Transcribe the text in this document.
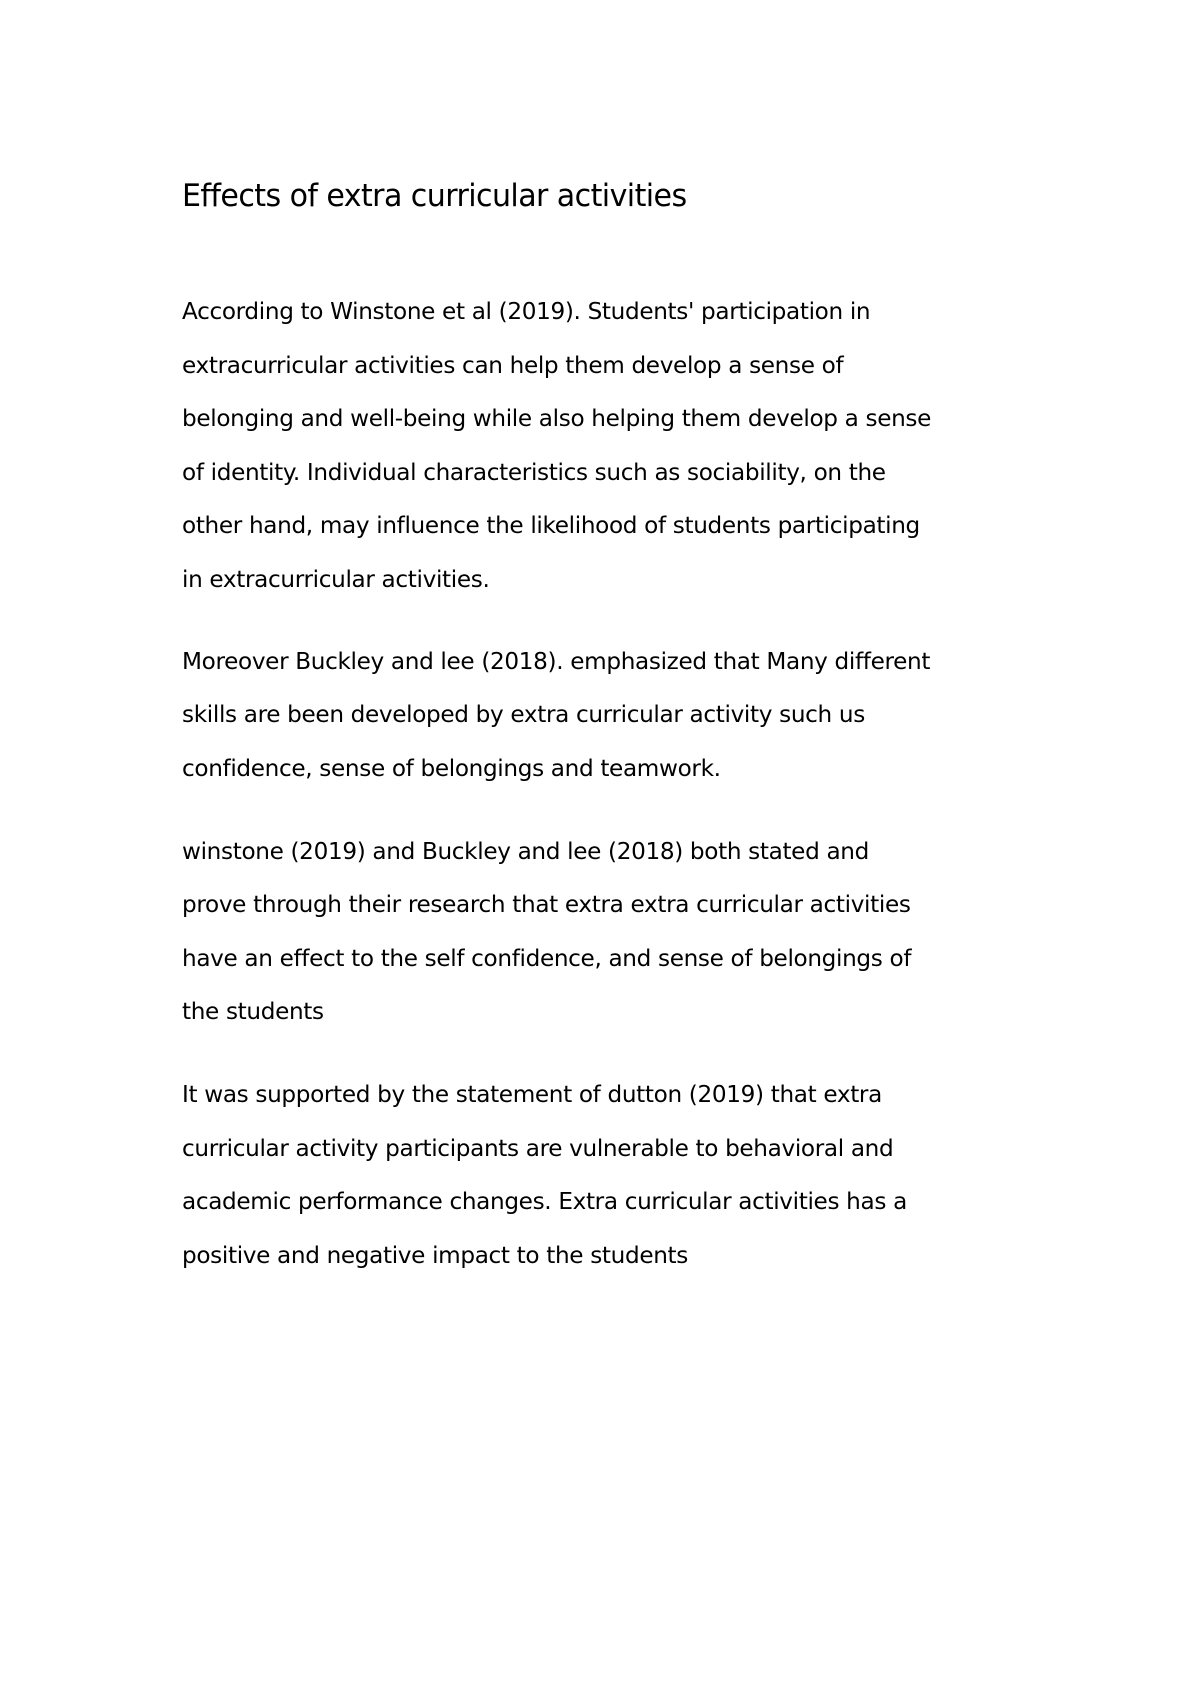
Effects of extra curricular activities
According to Winstone et al (2019). Students' participation in
extracurricular activities can help them develop a sense of
belonging and well-being while also helping them develop a sense
of identity. Individual characteristics such as sociability, on the
other hand, may influence the likelihood of students participating
in extracurricular activities.
Moreover Buckley and lee (2018). emphasized that Many different
skills are been developed by extra curricular activity such us
confidence, sense of belongings and teamwork.
winstone (2019) and Buckley and lee (2018) both stated and
prove through their research that extra extra curricular activities
have an effect to the self confidence, and sense of belongings of
the students
It was supported by the statement of dutton (2019) that extra
curricular activity participants are vulnerable to behavioral and
academic performance changes. Extra curricular activities has a
positive and negative impact to the students
